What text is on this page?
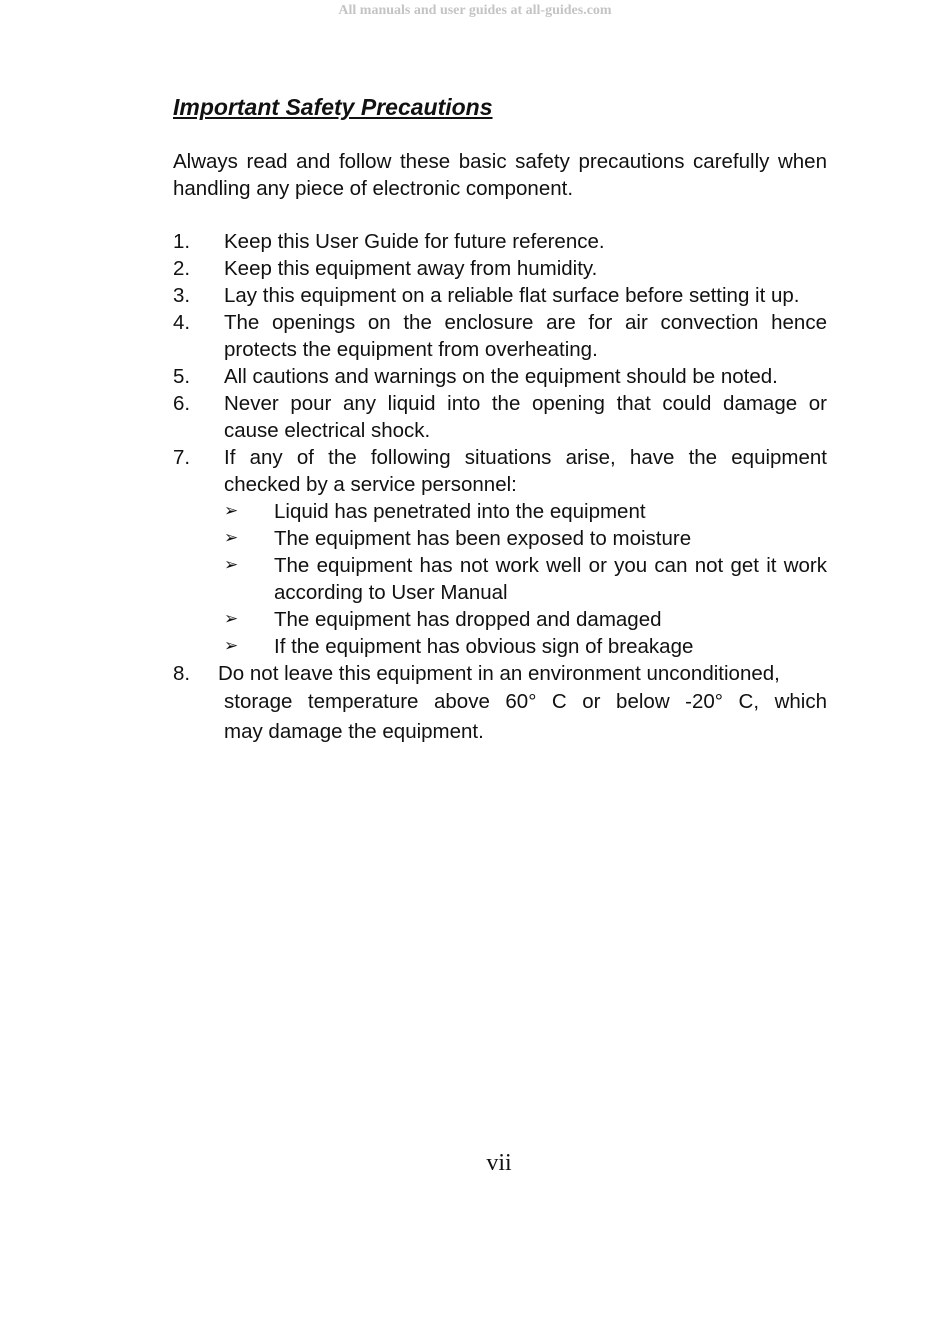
All manuals and user guides at all-guides.com
Important Safety Precautions
Always read and follow these basic safety precautions carefully when handling any piece of electronic component.
1.	Keep this User Guide for future reference.
2.	Keep this equipment away from humidity.
3.	Lay this equipment on a reliable flat surface before setting it up.
4.	The openings on the enclosure are for air convection hence protects the equipment from overheating.
5.	All cautions and warnings on the equipment should be noted.
6.	Never pour any liquid into the opening that could damage or cause electrical shock.
7.	If any of the following situations arise, have the equipment checked by a service personnel:
➢	Liquid has penetrated into the equipment
➢	The equipment has been exposed to moisture
➢	The equipment has not work well or you can not get it work according to User Manual
➢	The equipment has dropped and damaged
➢	If the equipment has obvious sign of breakage
8.	Do not leave this equipment in an environment unconditioned,
storage temperature above 60° C or below -20° C, which
may damage the equipment.
vii
